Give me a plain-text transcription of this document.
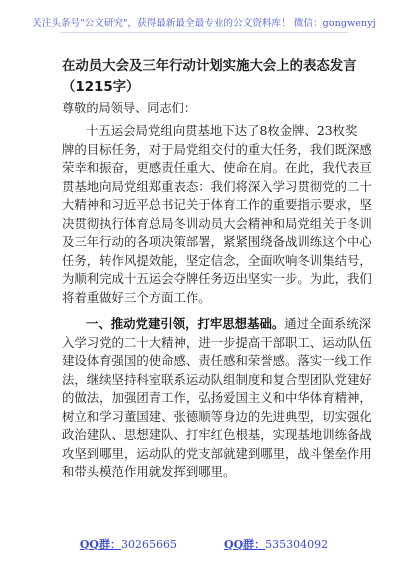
关注头条号"公文研究"，获得最新最全最专业的公文资料库！ 微信：gongwenyj
在动员大会及三年行动计划实施大会上的表态发言（1215字）
尊敬的局领导、同志们：
十五运会局党组向贯基地下达了8枚金牌、23枚奖
牌的目标任务，对于局党组交付的重大任务，我们既深感
荣幸和振奋，更感责任重大、使命在肩。在此，我代表亘
贯基地向局党组郑重表态：我们将深入学习贯彻党的二十
大精神和习近平总书记关于体育工作的重要指示要求，坚
决贯彻执行体育总局冬训动员大会精神和局党组关于冬训
及三年行动的各项决策部署，紧紧围绕备战训练这个中心
任务，转作风提效能，坚定信念，全面吹响冬训集结号，
为顺利完成十五运会夺牌任务迈出坚实一步。为此，我们
将着重做好三个方面工作。
一、推动党建引领，打牢思想基础。通过全面系统深
入学习党的二十大精神，进一步提高干部职工、运动队伍
建设体育强国的使命感、责任感和荣誉感。落实一线工作
法，继续坚持科室联系运动队组制度和复合型团队党建好
的做法，加强团青工作，弘扬爱国主义和中华体育精神，
树立和学习董国建、张德顺等身边的先进典型，切实强化
政治建队、思想建队、打牢红色根基，实现基地训练备战
攻坚到哪里，运动队的党支部就建到哪里，战斗堡垒作用
和带头模范作用就发挥到哪里。
QQ群：30265665	QQ群：535304092
